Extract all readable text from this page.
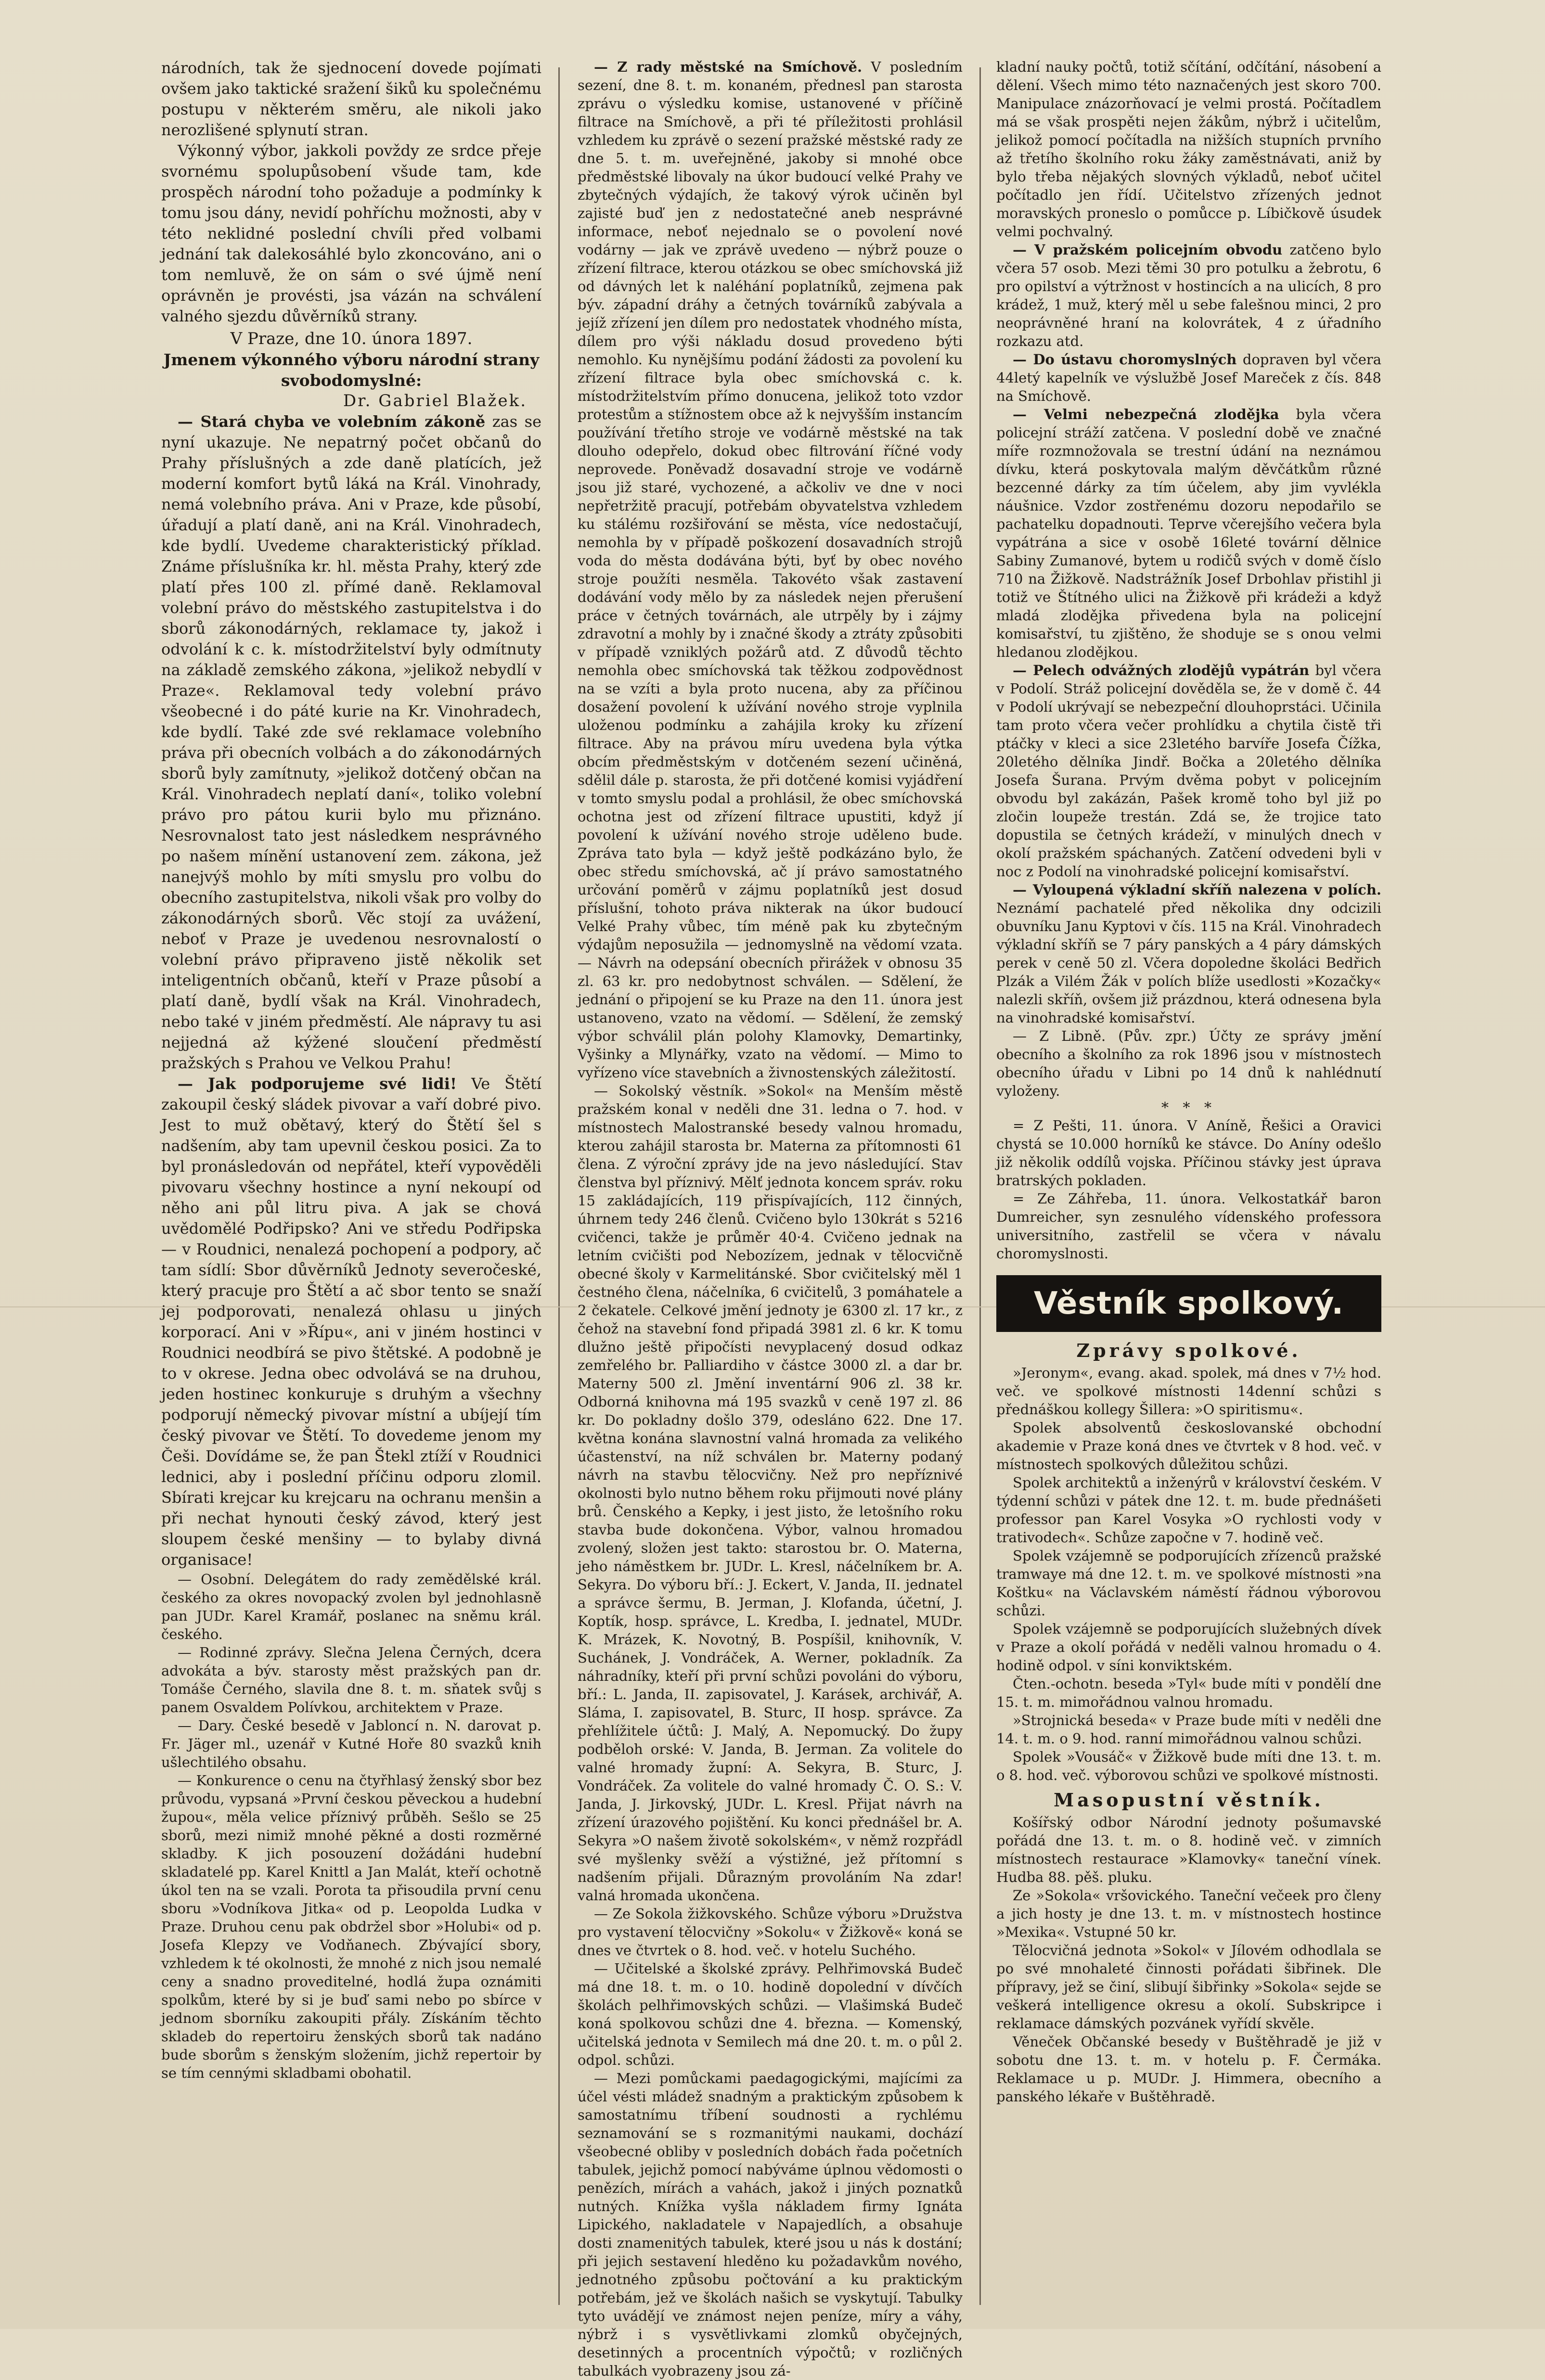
národních, tak že sjednocení dovede pojímati ovšem jako taktické sražení šiků ku společnému postupu v některém směru, ale nikoli jako nerozlišené splynutí stran.

Výkonný výbor, jakkoli povždy ze srdce přeje svornému spolupůsobení všude tam, kde prospěch národní toho požaduje a podmínky k tomu jsou dány, nevidí pohříchu možnosti, aby v této neklidné poslední chvíli před volbami jednání tak dalekosáhlé bylo zkoncováno, ani o tom nemluvě, že on sám o své újmě není oprávněn je provésti, jsa vázán na schválení valného sjezdu důvěrníků strany.

V Praze, dne 10. února 1897.

Jmenem výkonného výboru národní strany svobodomyslné:

Dr. Gabriel Blažek.

— Stará chyba ve volebním zákoně zas se nyní ukazuje. Ne nepatrný počet občanů do Prahy příslušných a zde daně platících, jež moderní komfort bytů láká na Král. Vinohrady, nemá volebního práva. Ani v Praze, kde působí, úřadují a platí daně, ani na Král. Vinohradech, kde bydlí. Uvedeme charakteristický příklad. Známe příslušníka kr. hl. města Prahy, který zde platí přes 100 zl. přímé daně. Reklamoval volební právo do městského zastupitelstva i do sborů zákonodárných, reklamace ty, jakož i odvolání k c. k. místodržitelství byly odmítnuty na základě zemského zákona, »jelikož nebydlí v Praze«. Reklamoval tedy volební právo všeobecné i do páté kurie na Kr. Vinohradech, kde bydlí. Také zde své reklamace volebního práva při obecních volbách a do zákonodárných sborů byly zamítnuty, »jelikož dotčený občan na Král. Vinohradech neplatí daní«, toliko volební právo pro pátou kurii bylo mu přiznáno. Nesrovnalost tato jest následkem nesprávného po našem mínění ustanovení zem. zákona, jež nanejvýš mohlo by míti smyslu pro volbu do obecního zastupitelstva, nikoli však pro volby do zákonodárných sborů. Věc stojí za uvážení, neboť v Praze je uvedenou nesrovnalostí o volební právo připraveno jistě několik set inteligentních občanů, kteří v Praze působí a platí daně, bydlí však na Král. Vinohradech, nebo také v jiném předměstí. Ale nápravy tu asi nejjedná až kýžené sloučení předměstí pražských s Prahou ve Velkou Prahu!

— Jak podporujeme své lidi! Ve Štětí zakoupil český sládek pivovar a vaří dobré pivo. Jest to muž obětavý, který do Štětí šel s nadšením, aby tam upevnil českou posici. Za to byl pronásledován od nepřátel, kteří vypověděli pivovaru všechny hostince a nyní nekoupí od něho ani půl litru piva. A jak se chová uvědomělé Podřipsko? Ani ve středu Podřipska — v Roudnici, nenalezá pochopení a podpory, ač tam sídlí: Sbor důvěrníků Jednoty severočeské, který pracuje pro Štětí a ač sbor tento se snaží jej podporovati, nenalezá ohlasu u jiných korporací. Ani v »Řípu«, ani v jiném hostinci v Roudnici neodbírá se pivo štětské. A podobně je to v okrese. Jedna obec odvolává se na druhou, jeden hostinec konkuruje s druhým a všechny podporují německý pivovar místní a ubíjejí tím český pivovar ve Štětí. To dovedeme jenom my Češi. Dovídáme se, že pan Štekl ztíží v Roudnici lednici, aby i poslední příčinu odporu zlomil. Sbírati krejcar ku krejcaru na ochranu menšin a při nechat hynouti český závod, který jest sloupem české menšiny — to bylaby divná organisace!

— Osobní. Delegátem do rady zemědělské král. českého za okres novopacký zvolen byl jednohlasně pan JUDr. Karel Kramář, poslanec na sněmu král. českého.

— Rodinné zprávy. Slečna Jelena Černých, dcera advokáta a býv. starosty měst pražských pan dr. Tomáše Černého, slavila dne 8. t. m. sňatek svůj s panem Osvaldem Polívkou, architektem v Praze.

— Dary. České besedě v Jabloncí n. N. darovat p. Fr. Jäger ml., uzenář v Kutné Hoře 80 svazků knih ušlechtilého obsahu.

— Konkurence o cenu na čtyřhlasý ženský sbor bez průvodu, vypsaná »První českou pěveckou a hudební župou«, měla velice příznivý průběh. Sešlo se 25 sborů, mezi nimiž mnohé pěkné a dosti rozměrné skladby. K jich posouzení dožádáni hudební skladatelé pp. Karel Knittl a Jan Malát, kteří ochotně úkol ten na se vzali. Porota ta přisoudila první cenu sboru »Vodníkova Jitka« od p. Leopolda Ludka v Praze. Druhou cenu pak obdržel sbor »Holubi« od p. Josefa Klepzy ve Vodňanech. Zbývající sbory, vzhledem k té okolnosti, že mnohé z nich jsou nemalé ceny a snadno proveditelné, hodlá župa oznámiti spolkům, které by si je buď sami nebo po sbírce v jednom sborníku zakoupiti přály. Získáním těchto skladeb do repertoiru ženských sborů tak nadáno bude sborům s ženským složením, jichž repertoir by se tím cennými skladbami obohatil.

— Z rady městské na Smíchově. V posledním sezení, dne 8. t. m. konaném, přednesl pan starosta zprávu o výsledku komise, ustanovené v příčině filtrace na Smíchově, a při té příležitosti prohlásil vzhledem ku zprávě o sezení pražské městské rady ze dne 5. t. m. uveřejněné, jakoby si mnohé obce předměstské libovaly na úkor budoucí velké Prahy ve zbytečných výdajích, že takový výrok učiněn byl zajisté buď jen z nedostatečné aneb nesprávné informace, neboť nejednalo se o povolení nové vodárny — jak ve zprávě uvedeno — nýbrž pouze o zřízení filtrace, kterou otázkou se obec smíchovská již od dávných let k naléhání poplatníků, zejmena pak býv. západní dráhy a četných továrníků zabývala a jejíž zřízení jen dílem pro nedostatek vhodného místa, dílem pro výši nákladu dosud provedeno býti nemohlo. Ku nynějšímu podání žádosti za povolení ku zřízení filtrace byla obec smíchovská c. k. místodržitelstvím přímo donucena, jelikož toto vzdor protestům a stížnostem obce až k nejvyšším instancím používání třetího stroje ve vodárně městské na tak dlouho odepřelo, dokud obec filtrování říčné vody neprovede. Poněvadž dosavadní stroje ve vodárně jsou již staré, vychozené, a ačkoliv ve dne v noci nepřetržitě pracují, potřebám obyvatelstva vzhledem ku stálému rozšiřování se města, více nedostačují, nemohla by v případě poškození dosavadních strojů voda do města dodávána býti, byť by obec nového stroje použíti nesměla. Takovéto však zastavení dodávání vody mělo by za následek nejen přerušení práce v četných továrnách, ale utrpěly by i zájmy zdravotní a mohly by i značné škody a ztráty způsobiti v případě vzniklých požárů atd. Z důvodů těchto nemohla obec smíchovská tak těžkou zodpovědnost na se vzíti a byla proto nucena, aby za příčinou dosažení povolení k užívání nového stroje vyplnila uloženou podmínku a zahájila kroky ku zřízení filtrace. Aby na právou míru uvedena byla výtka obcím předměstským v dotčeném sezení učiněná, sdělil dále p. starosta, že při dotčené komisi vyjádření v tomto smyslu podal a prohlásil, že obec smíchovská ochotna jest od zřízení filtrace upustiti, když jí povolení k užívání nového stroje uděleno bude. Zpráva tato byla — když ještě podkázáno bylo, že obec středu smíchovská, ač jí právo samostatného určování poměrů v zájmu poplatníků jest dosud příslušní, tohoto práva nikterak na úkor budoucí Velké Prahy vůbec, tím méně pak ku zbytečným výdajům neposužila — jednomyslně na vědomí vzata. — Návrh na odepsání obecních přirážek v obnosu 35 zl. 63 kr. pro nedobytnost schválen. — Sdělení, že jednání o připojení se ku Praze na den 11. února jest ustanoveno, vzato na vědomí. — Sdělení, že zemský výbor schválil plán polohy Klamovky, Demartinky, Vyšinky a Mlynářky, vzato na vědomí. — Mimo to vyřízeno více stavebních a živnostenských záležitostí.

— Sokolský věstník. »Sokol« na Menším městě pražském konal v neděli dne 31. ledna o 7. hod. v místnostech Malostranské besedy valnou hromadu, kterou zahájil starosta br. Materna za přítomnosti 61 člena. Z výroční zprávy jde na jevo následující. Stav členstva byl příznivý. Mělť jednota koncem správ. roku 15 zakládajících, 119 přispívajících, 112 činných, úhrnem tedy 246 členů. Cvičeno bylo 130krát s 5216 cvičenci, takže je průměr 40·4. Cvičeno jednak na letním cvičišti pod Nebozízem, jednak v tělocvičně obecné školy v Karmelitánské. Sbor cvičitelský měl 1 čestného člena, náčelníka, 6 cvičitelů, 3 pomáhatele a 2 čekatele. Celkové jmění jednoty je 6300 zl. 17 kr., z čehož na stavební fond připadá 3981 zl. 6 kr. K tomu dlužno ještě připočísti nevyplacený dosud odkaz zemřelého br. Palliardiho v částce 3000 zl. a dar br. Materny 500 zl. Jmění inventární 906 zl. 38 kr. Odborná knihovna má 195 svazků v ceně 197 zl. 86 kr. Do pokladny došlo 379, odesláno 622. Dne 17. května konána slavnostní valná hromada za velikého účastenství, na níž schválen br. Materny podaný návrh na stavbu tělocvičny. Než pro nepříznivé okolnosti bylo nutno během roku přijmouti nové plány brů. Čenského a Kepky, i jest jisto, že letošního roku stavba bude dokončena. Výbor, valnou hromadou zvolený, složen jest takto: starostou br. O. Materna, jeho náměstkem br. JUDr. L. Kresl, náčelníkem br. A. Sekyra. Do výboru bří.: J. Eckert, V. Janda, II. jednatel a správce šermu, B. Jerman, J. Klofanda, účetní, J. Koptík, hosp. správce, L. Kredba, I. jednatel, MUDr. K. Mrázek, K. Novotný, B. Pospíšil, knihovník, V. Suchánek, J. Vondráček, A. Werner, pokladník. Za náhradníky, kteří při první schůzi povoláni do výboru, bří.: L. Janda, II. zapisovatel, J. Karásek, archivář, A. Sláma, I. zapisovatel, B. Sturc, II hosp. správce. Za přehlížitele účtů: J. Malý, A. Nepomucký. Do župy podběloh orské: V. Janda, B. Jerman. Za volitele do valné hromady župní: A. Sekyra, B. Sturc, J. Vondráček. Za volitele do valné hromady Č. O. S.: V. Janda, J. Jirkovský, JUDr. L. Kresl. Přijat návrh na zřízení úrazového pojištění. Ku konci přednášel br. A. Sekyra »O našem životě sokolském«, v němž rozpřádl své myšlenky svěží a výstižné, jež přítomní s nadšením přijali. Důrazným provoláním Na zdar! valná hromada ukončena.

— Ze Sokola žižkovského. Schůze výboru »Družstva pro vystavení tělocvičny »Sokolu« v Žižkově« koná se dnes ve čtvrtek o 8. hod. več. v hotelu Suchého.

— Učitelské a školské zprávy. Pelhřimovská Budeč má dne 18. t. m. o 10. hodině dopolední v dívčích školách pelhřimovských schůzi. — Vlašimská Budeč koná spolkovou schůzi dne 4. března. — Komenský, učitelská jednota v Semilech má dne 20. t. m. o půl 2. odpol. schůzi.

— Mezi pomůckami paedagogickými, majícími za účel vésti mládež snadným a praktickým způsobem k samostatnímu tříbení soudnosti a rychlému seznamování se s rozmanitými naukami, dochází všeobecné obliby v posledních dobách řada početních tabulek, jejichž pomocí nabýváme úplnou vědomosti o penězích, mírách a vahách, jakož i jiných poznatků nutných. Knížka vyšla nákladem firmy Ignáta Lipického, nakladatele v Napajedlích, a obsahuje dosti znamenitých tabulek, které jsou u nás k dostání; při jejich sestavení hleděno ku požadavkům nového, jednotného způsobu počtování a ku praktickým potřebám, jež ve školách našich se vyskytují. Tabulky tyto uvádějí ve známost nejen peníze, míry a váhy, nýbrž i s vysvětlivkami zlomků obyčejných, desetinných a procentních výpočtů; v rozličných tabulkách vyobrazeny jsou zá-

kladní nauky počtů, totiž sčítání, odčítání, násobení a dělení. Všech mimo této naznačených jest skoro 700. Manipulace znázorňovací je velmi prostá. Počítadlem má se však prospěti nejen žákům, nýbrž i učitelům, jelikož pomocí počítadla na nižších stupních prvního až třetího školního roku žáky zaměstnávati, aniž by bylo třeba nějakých slovných výkladů, neboť učitel počítadlo jen řídí. Učitelstvo zřízených jednot moravských proneslo o pomůcce p. Líbičkově úsudek velmi pochvalný.

— V pražském policejním obvodu zatčeno bylo včera 57 osob. Mezi těmi 30 pro potulku a žebrotu, 6 pro opilství a výtržnost v hostincích a na ulicích, 8 pro krádež, 1 muž, který měl u sebe falešnou minci, 2 pro neoprávněné hraní na kolovrátek, 4 z úřadního rozkazu atd.

— Do ústavu choromyslných dopraven byl včera 44letý kapelník ve výslužbě Josef Mareček z čís. 848 na Smíchově.

— Velmi nebezpečná zlodějka byla včera policejní stráží zatčena. V poslední době ve značné míře rozmnožovala se trestní údání na neznámou dívku, která poskytovala malým děvčátkům různé bezcenné dárky za tím účelem, aby jim vyvlékla náušnice. Vzdor zostřenému dozoru nepodařilo se pachatelku dopadnouti. Teprve včerejšího večera byla vypátrána a sice v osobě 16leté tovární dělnice Sabiny Zumanové, bytem u rodičů svých v domě číslo 710 na Žižkově. Nadstrážník Josef Drbohlav přistihl ji totiž ve Štítného ulici na Žižkově při krádeži a když mladá zlodějka přivedena byla na policejní komisařství, tu zjištěno, že shoduje se s onou velmi hledanou zlodějkou.

— Pelech odvážných zlodějů vypátrán byl včera v Podolí. Stráž policejní dověděla se, že v domě č. 44 v Podolí ukrývají se nebezpeční dlouhoprstáci. Učinila tam proto včera večer prohlídku a chytila čistě tři ptáčky v kleci a sice 23letého barvíře Josefa Čížka, 20letého dělníka Jindř. Bočka a 20letého dělníka Josefa Šurana. Prvým dvěma pobyt v policejním obvodu byl zakázán, Pašek kromě toho byl již po zločin loupeže trestán. Zdá se, že trojice tato dopustila se četných krádeží, v minulých dnech v okolí pražském spáchaných. Zatčení odvedeni byli v noc z Podolí na vinohradské policejní komisařství.

— Vyloupená výkladní skříň nalezena v polích. Neznámí pachatelé před několika dny odcizili obuvníku Janu Kyptovi v čís. 115 na Král. Vinohradech výkladní skříň se 7 páry panských a 4 páry dámských perek v ceně 50 zl. Včera dopoledne školáci Bedřich Plzák a Vilém Žák v polích blíže usedlosti »Kozačky« nalezli skříň, ovšem již prázdnou, která odnesena byla na vinohradské komisařství.

— Z Libně. (Pův. zpr.) Účty ze správy jmění obecního a školního za rok 1896 jsou v místnostech obecního úřadu v Libni po 14 dnů k nahlédnutí vyloženy.

* * *

= Z Pešti, 11. února. V Aníně, Řešici a Oravici chystá se 10.000 horníků ke stávce. Do Aníny odešlo již několik oddílů vojska. Příčinou stávky jest úprava bratrských pokladen.

= Ze Záhřeba, 11. února. Velkostatkář baron Dumreicher, syn zesnulého vídenského professora universitního, zastřelil se včera v návalu choromyslnosti.

Věstník spolkový.

Zprávy spolkové.

»Jeronym«, evang. akad. spolek, má dnes v 7½ hod. več. ve spolkové místnosti 14denní schůzi s přednáškou kollegy Šillera: »O spiritismu«.

Spolek absolventů českoslovanské obchodní akademie v Praze koná dnes ve čtvrtek v 8 hod. več. v místnostech spolkových důležitou schůzi.

Spolek architektů a inženýrů v království českém. V týdenní schůzi v pátek dne 12. t. m. bude přednášeti professor pan Karel Vosyka »O rychlosti vody v trativodech«. Schůze započne v 7. hodině več.

Spolek vzájemně se podporujících zřízenců pražské tramwaye má dne 12. t. m. ve spolkové místnosti »na Koštku« na Václavském náměstí řádnou výborovou schůzi.

Spolek vzájemně se podporujících služebných dívek v Praze a okolí pořádá v neděli valnou hromadu o 4. hodině odpol. v síni konviktském.

Čten.-ochotn. beseda »Tyl« bude míti v pondělí dne 15. t. m. mimořádnou valnou hromadu.

»Strojnická beseda« v Praze bude míti v neděli dne 14. t. m. o 9. hod. ranní mimořádnou valnou schůzi.

Spolek »Vousáč« v Žižkově bude míti dne 13. t. m. o 8. hod. več. výborovou schůzi ve spolkové místnosti.

Masopustní věstník.

Košířský odbor Národní jednoty pošumavské pořádá dne 13. t. m. o 8. hodině več. v zimních místnostech restaurace »Klamovky« taneční vínek. Hudba 88. pěš. pluku.

Ze »Sokola« vršovického. Taneční večeek pro členy a jich hosty je dne 13. t. m. v místnostech hostince »Mexika«. Vstupné 50 kr.

Tělocvičná jednota »Sokol« v Jílovém odhodlala se po své mnohaleté činnosti pořádati šibřinek. Dle přípravy, jež se činí, slibují šibřinky »Sokola« sejde se veškerá intelligence okresu a okolí. Subskripce i reklamace dámských pozvánek vyřídí skvěle.

Věneček Občanské besedy v Buštěhradě je již v sobotu dne 13. t. m. v hotelu p. F. Čermáka. Reklamace u p. MUDr. J. Himmera, obecního a panského lékaře v Buštěhradě.
